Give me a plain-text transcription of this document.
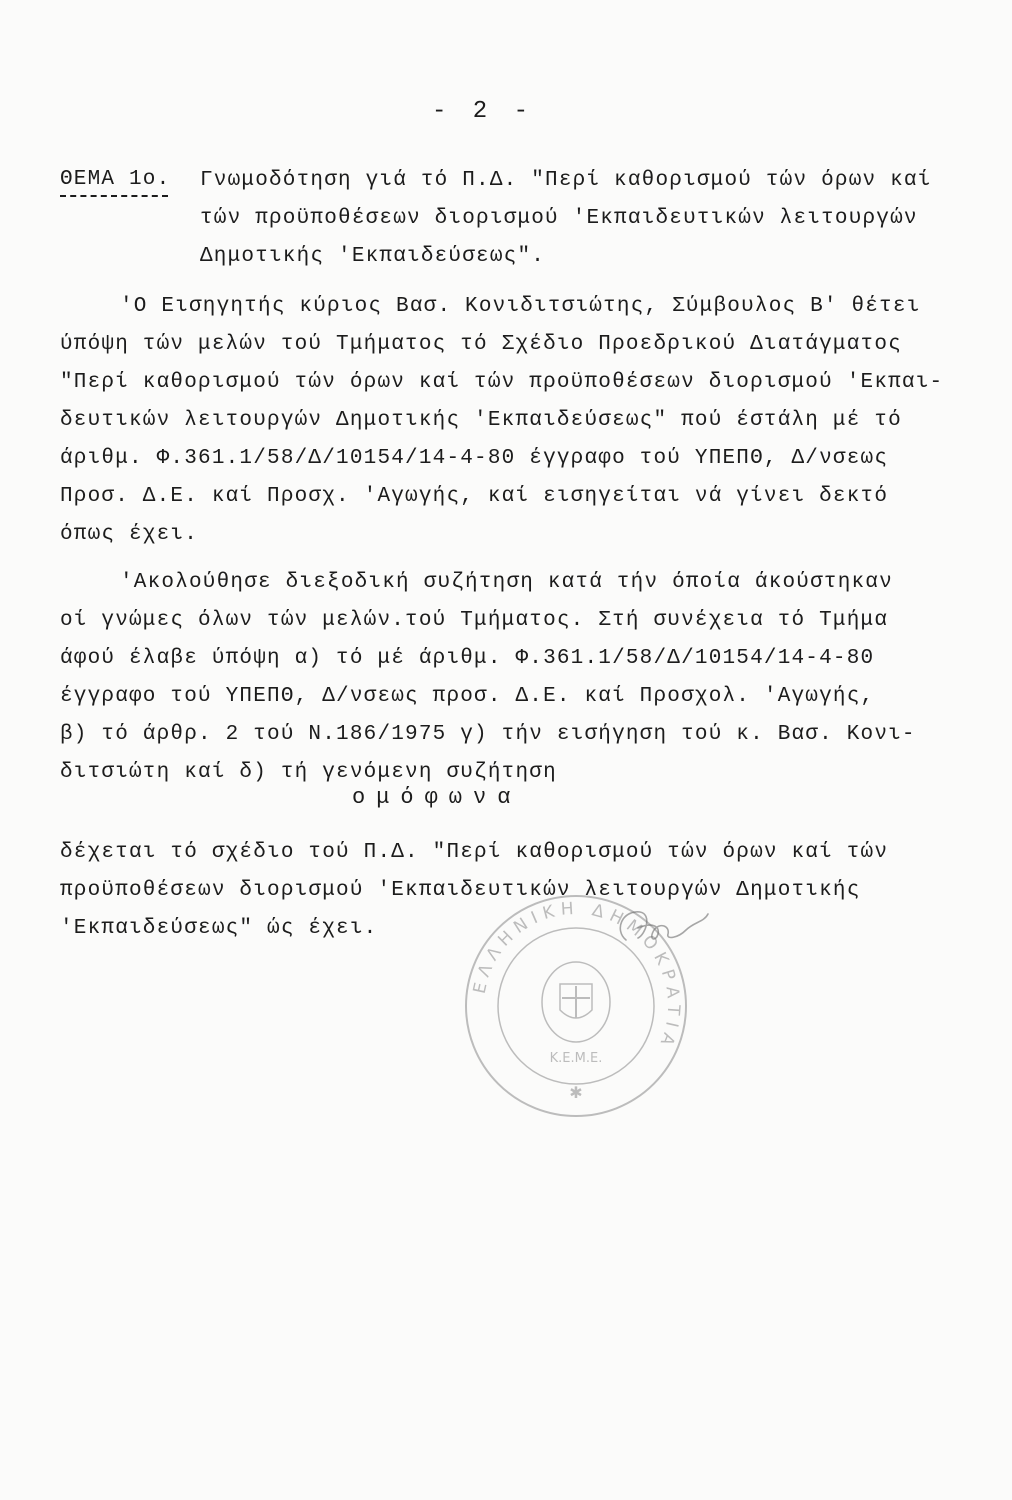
- 2 -
ΘΕΜΑ 1ο. Γνωμοδότηση γιά τό Π.Δ. "Περί καθορισμού τών όρων καί
τών προϋποθέσεων διορισμού 'Εκπαιδευτικών λειτουργών
Δημοτικής 'Εκπαιδεύσεως".
'Ο Εισηγητής κύριος Βασ. Κονιδιτσιώτης, Σύμβουλος Β' θέτει
ύπόψη τών μελών τού Τμήματος τό Σχέδιο Προεδρικού Διατάγματος
"Περί καθορισμού τών όρων καί τών προϋποθέσεων διορισμού 'Εκπαι-
δευτικών λειτουργών Δημοτικής 'Εκπαιδεύσεως" πού έστάλη μέ τό
άριθμ. Φ.361.1/58/Δ/10154/14-4-80 έγγραφο τού ΥΠΕΠΘ, Δ/νσεως
Προσ. Δ.Ε. καί Προσχ. 'Αγωγής, καί εισηγείται νά γίνει δεκτό
όπως έχει.
'Ακολούθησε διεξοδική συζήτηση κατά τήν όποία άκούστηκαν
οί γνώμες όλων τών μελών.τού Τμήματος. Στή συνέχεια τό Τμήμα
άφού έλαβε ύπόψη α) τό μέ άριθμ. Φ.361.1/58/Δ/10154/14-4-80
έγγραφο τού ΥΠΕΠΘ, Δ/νσεως προσ. Δ.Ε. καί Προσχολ. 'Αγωγής,
β) τό άρθρ. 2 τού Ν.186/1975 γ) τήν εισήγηση τού κ. Βασ. Κονι-
διτσιώτη καί δ) τή γενόμενη συζήτηση
ομόφωνα
δέχεται τό σχέδιο τού Π.Δ. "Περί καθορισμού τών όρων καί τών
προϋποθέσεων διορισμού 'Εκπαιδευτικών λειτουργών Δημοτικής
'Εκπαιδεύσεως" ώς έχει.
ΕΛΛΗΝΙΚΗ ΔΗΜΟΚΡΑΤΙΑ
Κ.Ε.Μ.Ε.
✱
